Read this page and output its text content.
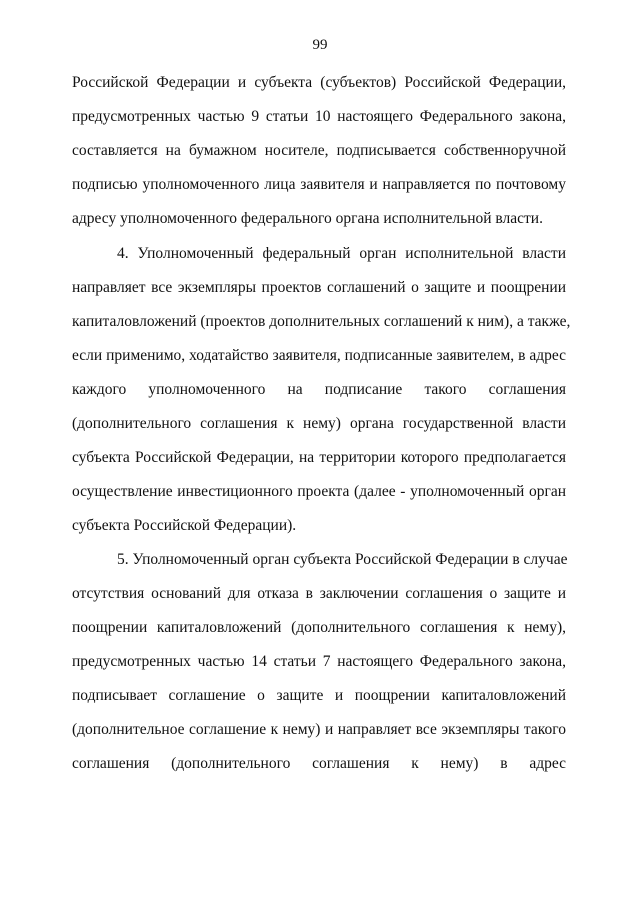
99
Российской Федерации и субъекта (субъектов) Российской Федерации,
предусмотренных частью 9 статьи 10 настоящего Федерального закона,
составляется на бумажном носителе, подписывается собственноручной
подписью уполномоченного лица заявителя и направляется по почтовому
адресу уполномоченного федерального органа исполнительной власти.
4. Уполномоченный федеральный орган исполнительной власти
направляет все экземпляры проектов соглашений о защите и поощрении
капиталовложений (проектов дополнительных соглашений к ним), а также,
если применимо, ходатайство заявителя, подписанные заявителем, в адрес
каждого уполномоченного на подписание такого соглашения
(дополнительного соглашения к нему) органа государственной власти
субъекта Российской Федерации, на территории которого предполагается
осуществление инвестиционного проекта (далее - уполномоченный орган
субъекта Российской Федерации).
5. Уполномоченный орган субъекта Российской Федерации в случае
отсутствия оснований для отказа в заключении соглашения о защите и
поощрении капиталовложений (дополнительного соглашения к нему),
предусмотренных частью 14 статьи 7 настоящего Федерального закона,
подписывает соглашение о защите и поощрении капиталовложений
(дополнительное соглашение к нему) и направляет все экземпляры такого
соглашения (дополнительного соглашения к нему) в адрес
